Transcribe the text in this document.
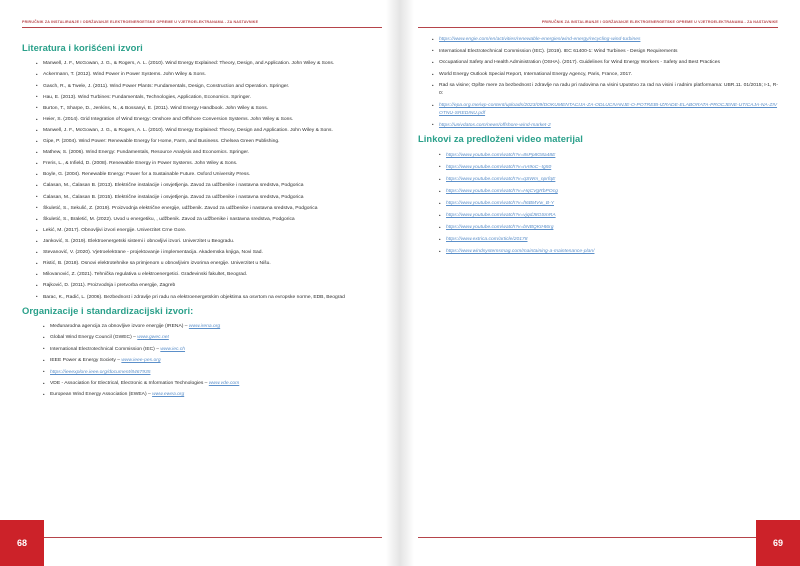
PRIRUČNIK ZA INSTALIRANJE I ODRŽAVANJE ELEKTROENERGETSKE OPREME U VJETROELEKTRANAMA - ZA NASTAVNIKE
Literatura i korišćeni izvori
• Manwell, J. F., McGowan, J. G., & Rogers, A. L. (2010). Wind Energy Explained: Theory, Design, and Application. John Wiley & Sons.
• Ackermann, T. (2012). Wind Power in Power Systems. John Wiley & Sons.
• Gasch, R., & Twele, J. (2011). Wind Power Plants: Fundamentals, Design, Construction and Operation. Springer.
• Hau, E. (2013). Wind Turbines: Fundamentals, Technologies, Application, Economics. Springer.
• Burton, T., Sharpe, D., Jenkins, N., & Bossanyi, E. (2011). Wind Energy Handbook. John Wiley & Sons.
• Heier, S. (2014). Grid Integration of Wind Energy: Onshore and Offshore Conversion Systems. John Wiley & Sons.
• Manwell, J. F., McGowan, J. G., & Rogers, A. L. (2010). Wind Energy Explained: Theory, Design and Application. John Wiley & Sons.
• Gipe, P. (2004). Wind Power: Renewable Energy for Home, Farm, and Business. Chelsea Green Publishing.
• Mathew, S. (2006). Wind Energy: Fundamentals, Resource Analysis and Economics. Springer.
• Freris, L., & Infield, D. (2008). Renewable Energy in Power Systems. John Wiley & Sons.
• Boyle, G. (2004). Renewable Energy: Power for a Sustainable Future. Oxford University Press.
• Ćalasan, M., Ćalasan B. (2013). Električne instalacije i osvjetljenja. Zavod za udžbenike i nastavna sredstva, Podgorica
• Ćalasan, M., Ćalasan B. (2015). Električne instalacije i osvjetljenja. Zavod za udžbenike i nastavna sredstva, Podgorica
• Škuletić, S., Sekulić, Z. (2019). Proizvodnja električne energije, udžbenik. Zavod za udžbenike i nastavna sredstva, Podgorica
• Škuletić, S., Braletić, M. (2022). Uvod u energetiku, , udžbenik. Zavod za udžbenike i nastavna sredstva, Podgorica
• Lekić, M. (2017). Obnovljivi izvori energije. Univerzitet Crne Gore.
• Janković, S. (2019). Elektroenergetski sistemi i obnovljivi izvori. Univerzitet u Beogradu.
• Stevanović, V. (2020). Vjetroelektrane - projektovanje i implementacija. Akademska knjiga, Novi Sad.
• Ristić, B. (2018). Osnovi elektrotehnike sa primjenom u obnovljivim izvorima energije. Univerzitet u Nišu.
• Milovanović, Z. (2021). Tehnička regulativa u elektroenergetici. Građevinski fakultet, Beograd.
• Rajković, D. (2011). Proizvodnja i pretvorba energije, Zagreb
• Barac, K., Radić, L. (2006). Bezbednost i zdravlje pri radu na elektroenergetskim objektima sa osvrtom na evropske norme, EDB, Beograd
Organizacije i standardizacijski izvori:
• Međunarodna agencija za obnovljive izvore energije (IRENA) – www.irena.org
• Global Wind Energy Council (GWEC) – www.gwec.net
• International Electrotechnical Commission (IEC) – www.iec.ch
• IEEE Power & Energy Society – www.ieee-pes.org
• https://ieeexplore.ieee.org/document/8467935
• VDE - Association for Electrical, Electronic & Information Technologies – www.vde.com
• European Wind Energy Association (EWEA) – www.ewea.org
68
PRIRUČNIK ZA INSTALIRANJE I ODRŽAVANJE ELEKTROENERGETSKE OPREME U VJETROELEKTRANAMA - ZA NASTAVNIKE
• https://www.engie.com/en/activities/renewable-energies/wind-energy/recycling-wind-turbines
• International Electrotechnical Commission (IEC). (2019). IEC 61400-1: Wind Turbines - Design Requirements
• Occupational Safety and Health Administration (OSHA). (2017). Guidelines for Wind Energy Workers - Safety and Best Practices
• World Energy Outlook Special Report, International Energy Agency, Paris, France, 2017.
• Rad sa visine; Opšte mere za bezbednost i zdravlje na radu pri radovima na visini Uputstvo za rad na visini i radnim platformama: UBR.11. 01/2015; I-1, R-0:
• https://epa.org.me/wp-content/uploads/2023/09/DOKUMENTACIJA-ZA-ODLUCIVANJE-O-POTREBI-IZRADE-ELABORATA-PROCJENE-UTICAJA-NA-ZIVOTNU-SREDINU.pdf
• https://univdatos.com/news/offshore-wind-market-2
Linkovi za predloženi video materijal
• https://www.youtube.com/watch?v=8sPp8G8a48E
• https://www.youtube.com/watch?v=nA9oC--tg50
• https://www.youtube.com/watch?v=qSWm_nprfqE
• https://www.youtube.com/watch?v=HqCVgRbPOcg
• https://www.youtube.com/watch?v=fI6BMVw_B-Y
• https://www.youtube.com/watch?v=vjqdJ8OSmRA
• https://www.youtube.com/watch?v=bNBQKIHt6rg
• https://www.extrica.com/article/20178
• https://www.windsystemsmag.com/maintaining-a-maintenance-plan/
69
